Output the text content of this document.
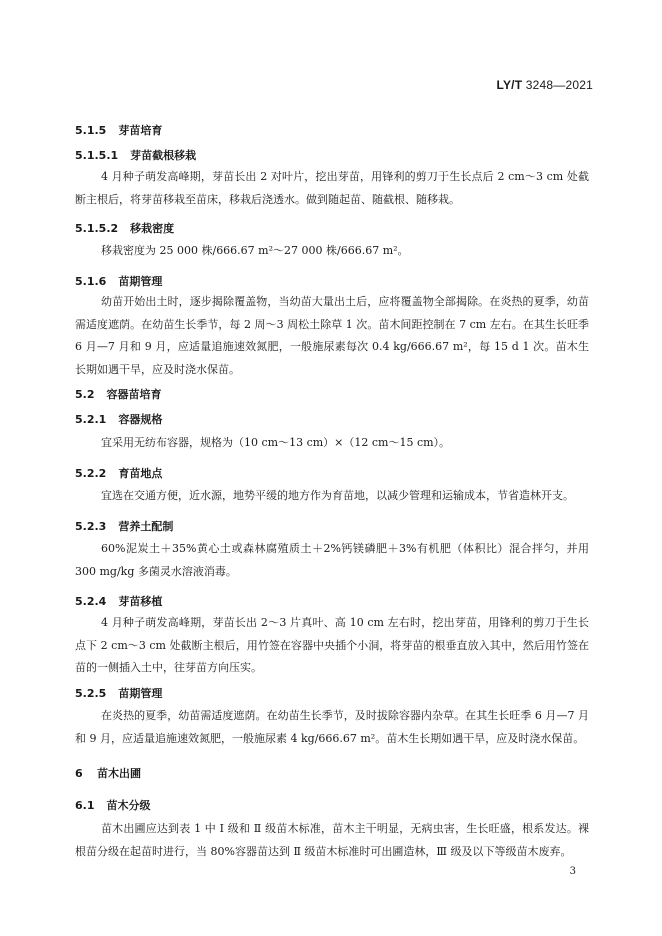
LY/T 3248—2021
5.1.5 芽苗培育
5.1.5.1 芽苗截根移栽
4 月种子萌发高峰期，芽苗长出 2 对叶片，挖出芽苗，用锋利的剪刀于生长点后 2 cm～3 cm 处截断主根后，将芽苗移栽至苗床，移栽后浇透水。做到随起苗、随截根、随移栽。
5.1.5.2 移栽密度
移栽密度为 25 000 株/666.67 m²～27 000 株/666.67 m²。
5.1.6 苗期管理
幼苗开始出土时，逐步揭除覆盖物，当幼苗大量出土后，应将覆盖物全部揭除。在炎热的夏季，幼苗需适度遮荫。在幼苗生长季节，每 2 周～3 周松土除草 1 次。苗木间距控制在 7 cm 左右。在其生长旺季 6 月—7 月和 9 月，应适量追施速效氮肥，一般施尿素每次 0.4 kg/666.67 m²，每 15 d 1 次。苗木生长期如遇干旱，应及时浇水保苗。
5.2 容器苗培育
5.2.1 容器规格
宜采用无纺布容器，规格为（10 cm～13 cm）×（12 cm～15 cm）。
5.2.2 育苗地点
宜选在交通方便，近水源，地势平缓的地方作为育苗地，以减少管理和运输成本，节省造林开支。
5.2.3 营养土配制
60%泥炭土＋35%黄心土或森林腐殖质土＋2%钙镁磷肥＋3%有机肥（体积比）混合拌匀，并用 300 mg/kg 多菌灵水溶液消毒。
5.2.4 芽苗移植
4 月种子萌发高峰期，芽苗长出 2～3 片真叶、高 10 cm 左右时，挖出芽苗，用锋利的剪刀于生长点下 2 cm～3 cm 处截断主根后，用竹签在容器中央插个小洞，将芽苗的根垂直放入其中，然后用竹签在苗的一侧插入土中，往芽苗方向压实。
5.2.5 苗期管理
在炎热的夏季，幼苗需适度遮荫。在幼苗生长季节，及时拔除容器内杂草。在其生长旺季 6 月—7 月和 9 月，应适量追施速效氮肥，一般施尿素 4 kg/666.67 m²。苗木生长期如遇干旱，应及时浇水保苗。
6 苗木出圃
6.1 苗木分级
苗木出圃应达到表 1 中 Ⅰ 级和 Ⅱ 级苗木标准，苗木主干明显，无病虫害，生长旺盛，根系发达。裸根苗分级在起苗时进行，当 80%容器苗达到 Ⅱ 级苗木标准时可出圃造林，Ⅲ 级及以下等级苗木废弃。
3
